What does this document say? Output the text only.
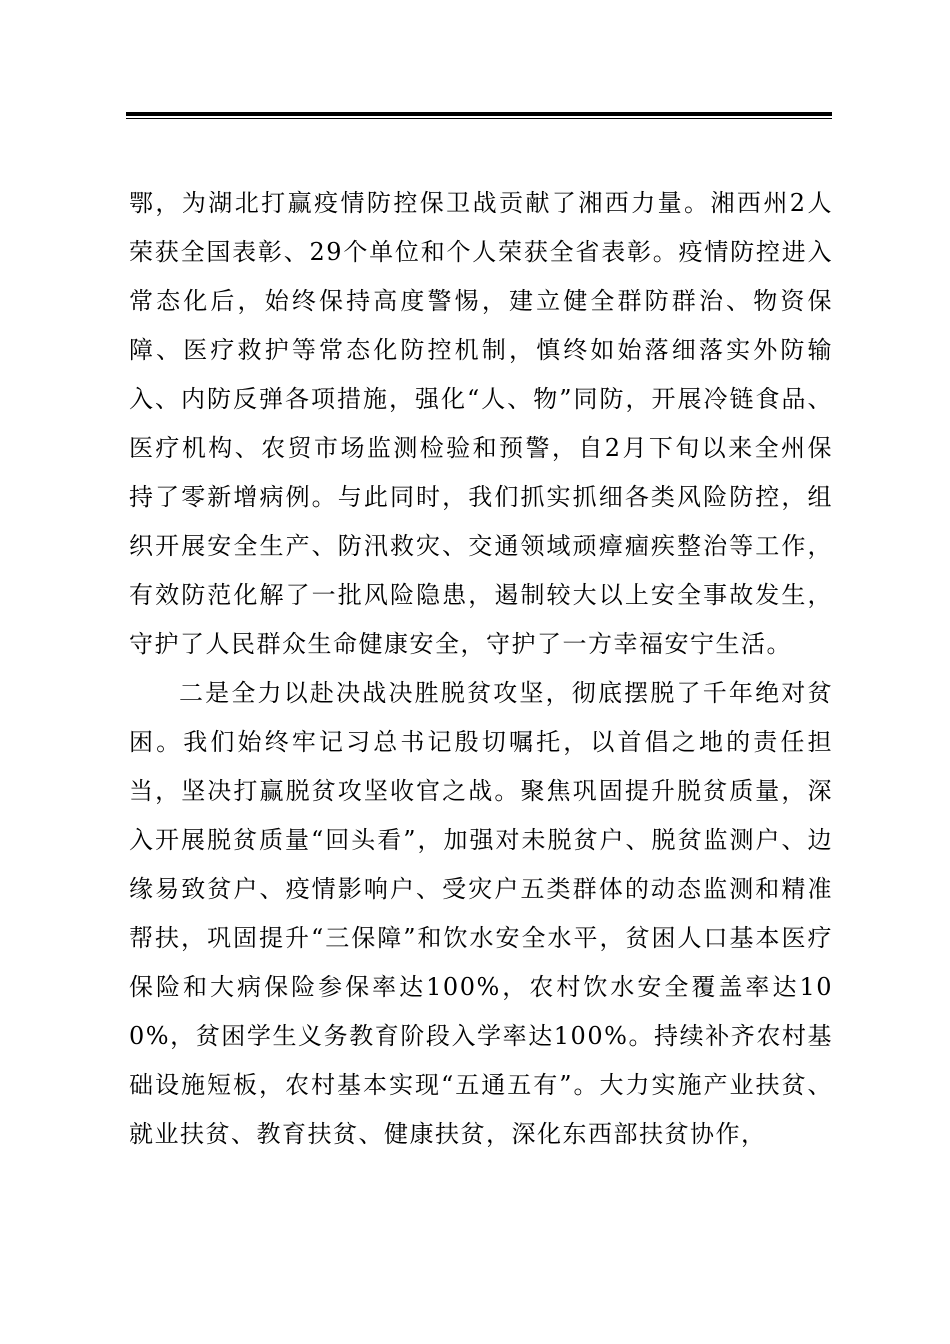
鄂，为湖北打赢疫情防控保卫战贡献了湘西力量。湘西州2人荣获全国表彰、29个单位和个人荣获全省表彰。疫情防控进入常态化后，始终保持高度警惕，建立健全群防群治、物资保障、医疗救护等常态化防控机制，慎终如始落细落实外防输入、内防反弹各项措施，强化“人、物”同防，开展冷链食品、医疗机构、农贸市场监测检验和预警，自2月下旬以来全州保持了零新增病例。与此同时，我们抓实抓细各类风险防控，组织开展安全生产、防汛救灾、交通领域顽瘴痼疾整治等工作，有效防范化解了一批风险隐患，遏制较大以上安全事故发生，守护了人民群众生命健康安全，守护了一方幸福安宁生活。

二是全力以赴决战决胜脱贫攻坚，彻底摆脱了千年绝对贫困。我们始终牢记习总书记殷切嘱托，以首倡之地的责任担当，坚决打赢脱贫攻坚收官之战。聚焦巩固提升脱贫质量，深入开展脱贫质量“回头看”，加强对未脱贫户、脱贫监测户、边缘易致贫户、疫情影响户、受灾户五类群体的动态监测和精准帮扶，巩固提升“三保障”和饮水安全水平，贫困人口基本医疗保险和大病保险参保率达100%，农村饮水安全覆盖率达100%，贫困学生义务教育阶段入学率达100%。持续补齐农村基础设施短板，农村基本实现“五通五有”。大力实施产业扶贫、就业扶贫、教育扶贫、健康扶贫，深化东西部扶贫协作，
